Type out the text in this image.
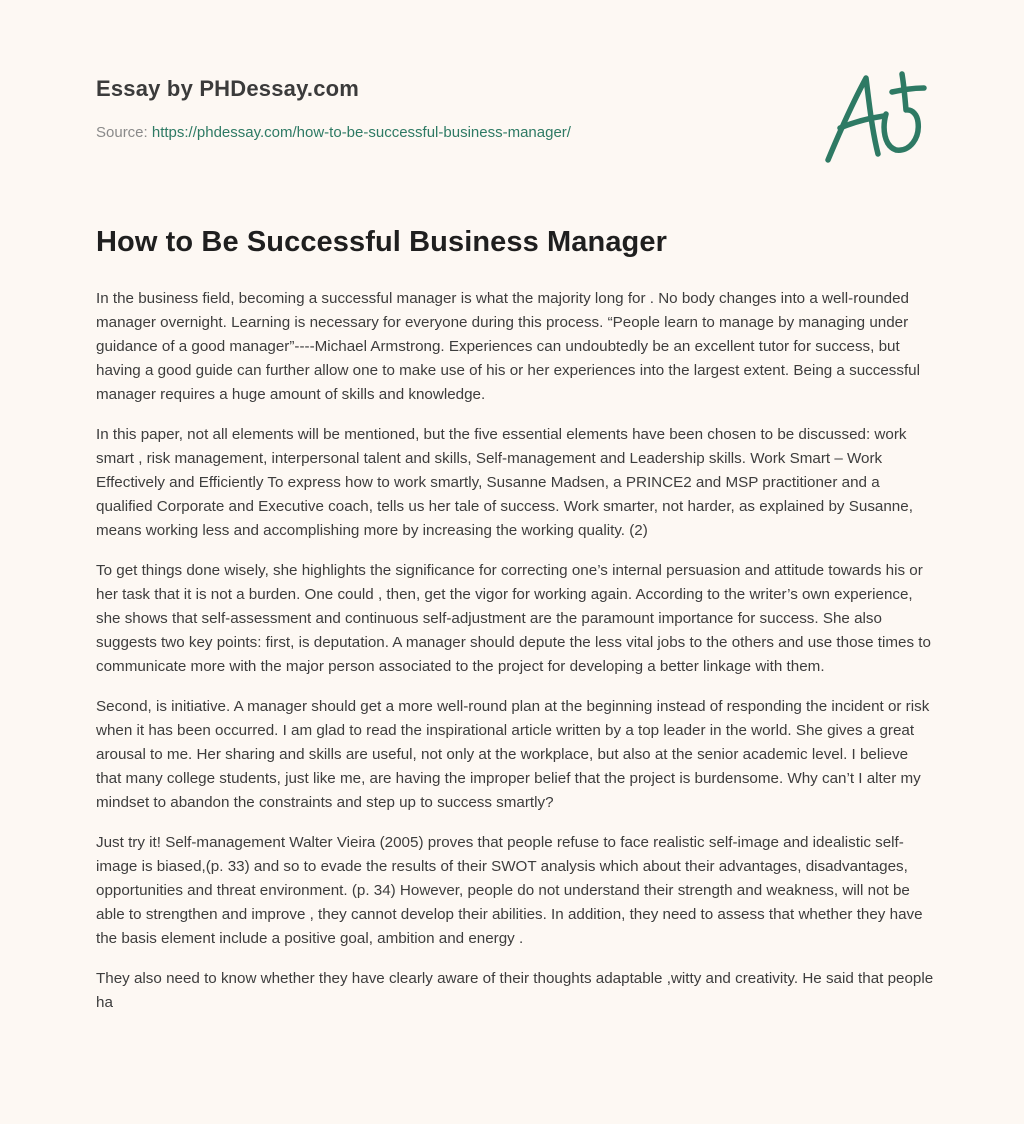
Essay by PHDessay.com
Source: https://phdessay.com/how-to-be-successful-business-manager/
How to Be Successful Business Manager

In the business field, becoming a successful manager is what the majority long for . No body changes into a well-rounded manager overnight. Learning is necessary for everyone during this process. “People learn to manage by managing under guidance of a good manager”----Michael Armstrong. Experiences can undoubtedly be an excellent tutor for success, but having a good guide can further allow one to make use of his or her experiences into the largest extent. Being a successful manager requires a huge amount of skills and knowledge.

In this paper, not all elements will be mentioned, but the five essential elements have been chosen to be discussed: work smart , risk management, interpersonal talent and skills, Self-management and Leadership skills. Work Smart – Work Effectively and Efficiently To express how to work smartly, Susanne Madsen, a PRINCE2 and MSP practitioner and a qualified Corporate and Executive coach, tells us her tale of success. Work smarter, not harder, as explained by Susanne, means working less and accomplishing more by increasing the working quality. (2)

To get things done wisely, she highlights the significance for correcting one’s internal persuasion and attitude towards his or her task that it is not a burden. One could , then, get the vigor for working again. According to the writer’s own experience, she shows that self-assessment and continuous self-adjustment are the paramount importance for success. She also suggests two key points: first, is deputation. A manager should depute the less vital jobs to the others and use those times to communicate more with the major person associated to the project for developing a better linkage with them.

Second, is initiative. A manager should get a more well-round plan at the beginning instead of responding the incident or risk when it has been occurred. I am glad to read the inspirational article written by a top leader in the world. She gives a great arousal to me. Her sharing and skills are useful, not only at the workplace, but also at the senior academic level. I believe that many college students, just like me, are having the improper belief that the project is burdensome. Why can’t I alter my mindset to abandon the constraints and step up to success smartly?

Just try it! Self-management Walter Vieira (2005) proves that people refuse to face realistic self-image and idealistic self-image is biased,(p. 33) and so to evade the results of their SWOT analysis which about their advantages, disadvantages, opportunities and threat environment. (p. 34) However, people do not understand their strength and weakness, will not be able to strengthen and improve , they cannot develop their abilities. In addition, they need to assess that whether they have the basis element include a positive goal, ambition and energy .

They also need to know whether they have clearly aware of their thoughts adaptable ,witty and creativity. He said that people ha
